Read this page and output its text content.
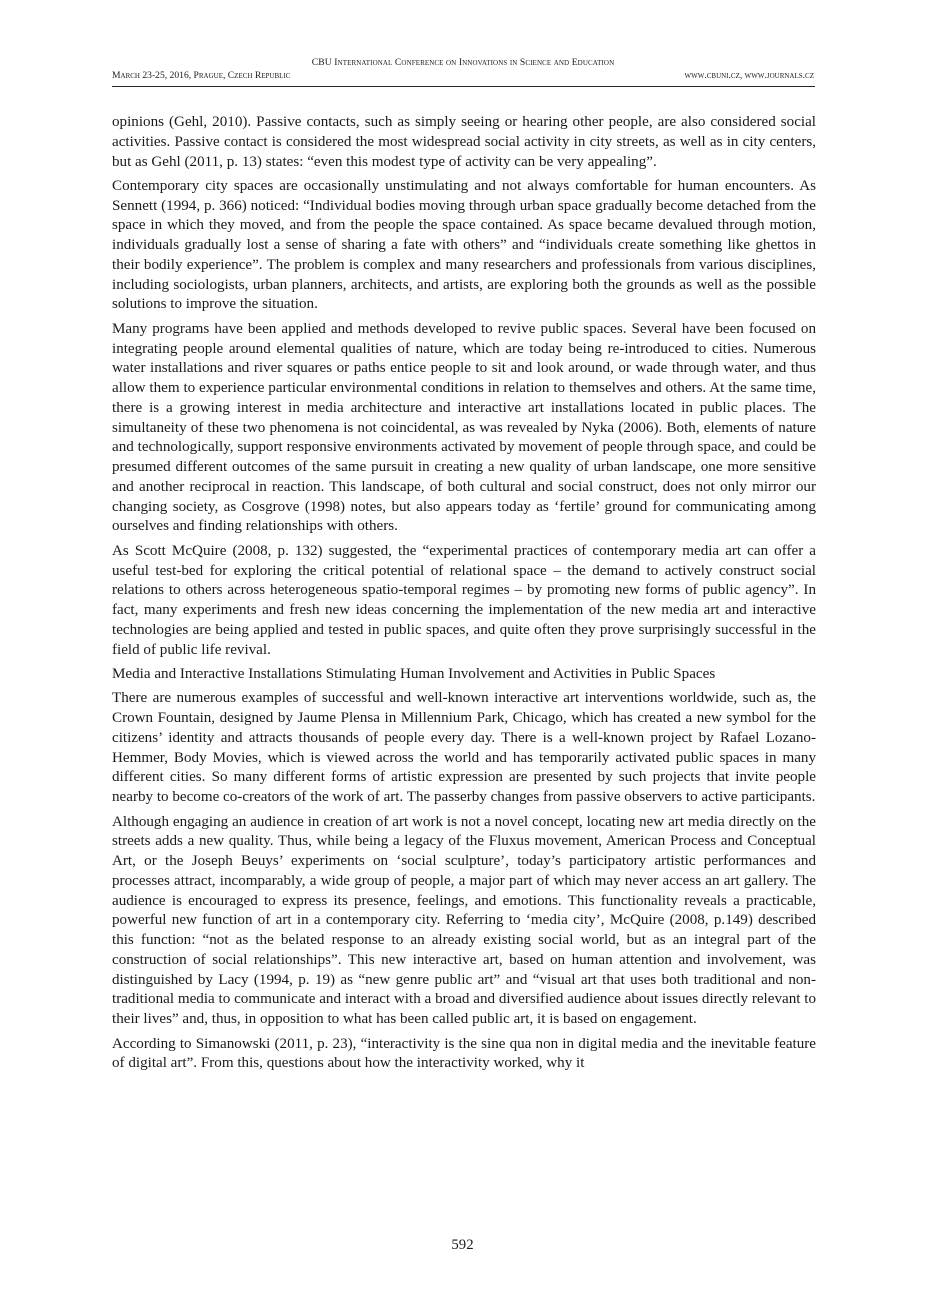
CBU International Conference on Innovations in Science and Education
March 23-25, 2016, Prague, Czech Republic	www.cbuni.cz, www.journals.cz

opinions (Gehl, 2010). Passive contacts, such as simply seeing or hearing other people, are also considered social activities. Passive contact is considered the most widespread social activity in city streets, as well as in city centers, but as Gehl (2011, p. 13) states: “even this modest type of activity can be very appealing”.

Contemporary city spaces are occasionally unstimulating and not always comfortable for human encounters. As Sennett (1994, p. 366) noticed: “Individual bodies moving through urban space gradually become detached from the space in which they moved, and from the people the space contained. As space became devalued through motion, individuals gradually lost a sense of sharing a fate with others” and “individuals create something like ghettos in their bodily experience”. The problem is complex and many researchers and professionals from various disciplines, including sociologists, urban planners, architects, and artists, are exploring both the grounds as well as the possible solutions to improve the situation.

Many programs have been applied and methods developed to revive public spaces. Several have been focused on integrating people around elemental qualities of nature, which are today being re-introduced to cities. Numerous water installations and river squares or paths entice people to sit and look around, or wade through water, and thus allow them to experience particular environmental conditions in relation to themselves and others. At the same time, there is a growing interest in media architecture and interactive art installations located in public places. The simultaneity of these two phenomena is not coincidental, as was revealed by Nyka (2006). Both, elements of nature and technologically, support responsive environments activated by movement of people through space, and could be presumed different outcomes of the same pursuit in creating a new quality of urban landscape, one more sensitive and another reciprocal in reaction. This landscape, of both cultural and social construct, does not only mirror our changing society, as Cosgrove (1998) notes, but also appears today as ‘fertile’ ground for communicating among ourselves and finding relationships with others.

As Scott McQuire (2008, p. 132) suggested, the “experimental practices of contemporary media art can offer a useful test-bed for exploring the critical potential of relational space – the demand to actively construct social relations to others across heterogeneous spatio-temporal regimes – by promoting new forms of public agency”. In fact, many experiments and fresh new ideas concerning the implementation of the new media art and interactive technologies are being applied and tested in public spaces, and quite often they prove surprisingly successful in the field of public life revival.

Media and Interactive Installations Stimulating Human Involvement and Activities in Public Spaces

There are numerous examples of successful and well-known interactive art interventions worldwide, such as, the Crown Fountain, designed by Jaume Plensa in Millennium Park, Chicago, which has created a new symbol for the citizens’ identity and attracts thousands of people every day. There is a well-known project by Rafael Lozano-Hemmer, Body Movies, which is viewed across the world and has temporarily activated public spaces in many different cities. So many different forms of artistic expression are presented by such projects that invite people nearby to become co-creators of the work of art. The passerby changes from passive observers to active participants.

Although engaging an audience in creation of art work is not a novel concept, locating new art media directly on the streets adds a new quality. Thus, while being a legacy of the Fluxus movement, American Process and Conceptual Art, or the Joseph Beuys’ experiments on ‘social sculpture’, today’s participatory artistic performances and processes attract, incomparably, a wide group of people, a major part of which may never access an art gallery. The audience is encouraged to express its presence, feelings, and emotions. This functionality reveals a practicable, powerful new function of art in a contemporary city. Referring to ‘media city’, McQuire (2008, p.149) described this function: “not as the belated response to an already existing social world, but as an integral part of the construction of social relationships”. This new interactive art, based on human attention and involvement, was distinguished by Lacy (1994, p. 19) as “new genre public art” and “visual art that uses both traditional and non-traditional media to communicate and interact with a broad and diversified audience about issues directly relevant to their lives” and, thus, in opposition to what has been called public art, it is based on engagement.

According to Simanowski (2011, p. 23), “interactivity is the sine qua non in digital media and the inevitable feature of digital art”. From this, questions about how the interactivity worked, why it

592
